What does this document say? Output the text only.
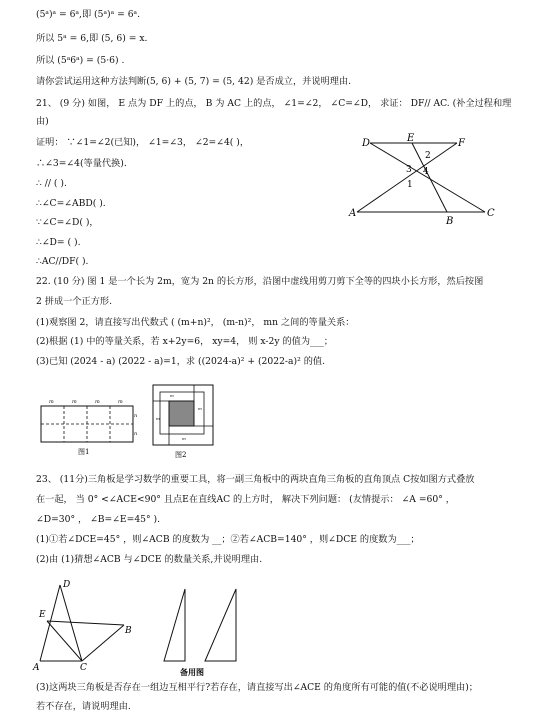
(5ᵃ)ᵃ = 6ᵃ,即 (5ᵃ)ᵃ = 6ᵃ.
所以 5ᵃ = 6,即 (5, 6) = x.
所以 (5ᵃ6ᵃ) = (5·6) .
请你尝试运用这种方法判断(5, 6) + (5, 7) = (5, 42) 是否成立，并说明理由.
21、 (9 分) 如图， E 点为 DF 上的点， B 为 AC 上的点， ∠1=∠2， ∠C=∠D， 求证： DF// AC. (补全过程和理
由)
证明： ∵∠1=∠2(已知)， ∠1=∠3， ∠2=∠4( )，
∴∠3=∠4(等量代换).
∴ // ( ).
∴∠C=∠ABD( ).
∵∠C=∠D( )，
∴∠D= ( ).
∴AC//DF( ).
D	E	F
A
B
C
2
3 4
1
22. (10 分) 图 1 是一个长为 2m，宽为 2n 的长方形，沿图中虚线用剪刀剪下全等的四块小长方形，然后按图
2 拼成一个正方形.
(1)观察图 2，请直接写出代数式 ( (m+n)²， (m-n)²， mn 之间的等量关系：
(2)根据 (1) 中的等量关系，若 x+2y=6， xy=4， 则 x-2y 的值为___；
(3)已知 (2024 - a) (2022 - a)=1，求 ((2024-a)² + (2022-a)² 的值.
m	m	m	m
n
n
图1
m
m
m
m
图2
23、 (11分)三角板是学习数学的重要工具，将一副三角板中的两块直角三角板的直角顶点 C按如图方式叠放
在一起， 当 0° <∠ACE<90° 且点E在直线AC 的上方时， 解决下列问题： (友情提示： ∠A =60° ，
∠D=30° ， ∠B=∠E=45° ).
(1)①若∠DCE=45° ，则∠ACB 的度数为 __；②若∠ACB=140° ，则∠DCE 的度数为___；
(2)由 (1)猜想∠ACB 与∠DCE 的数量关系,并说明理由.
E
D
B
A	C	备用图
(3)这两块三角板是否存在一组边互相平行?若存在，请直接写出∠ACE 的角度所有可能的值(不必说明理由)；
若不存在，请说明理由.
